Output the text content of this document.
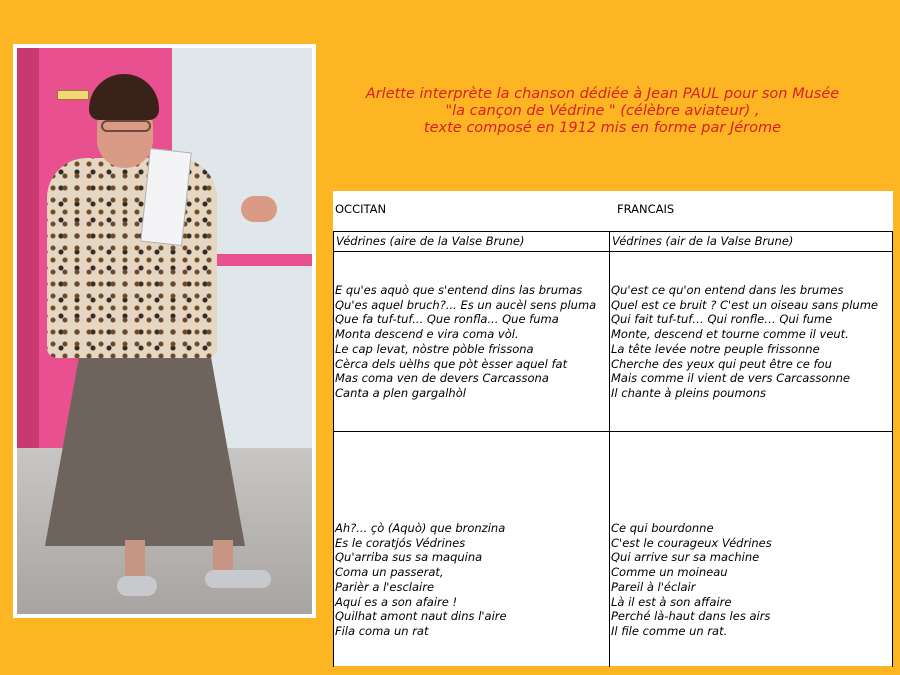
Arlette interprète la chanson dédiée à Jean PAUL pour son Musée
"la cançon de Védrine " (célèbre aviateur) ,
texte composé en 1912 mis en forme par Jérome
OCCITAN	FRANCAIS
Védrines (aire de la Valse Brune)	Védrines (air de la Valse Brune)
E qu'es aquò que s'entend dins las brumas
Qu'es aquel bruch?... Es un aucèl sens pluma
Que fa tuf-tuf... Que ronfla... Que fuma
Monta descend e vira coma vòl.
Le cap levat, nòstre pòble frissona
Cèrca dels uèlhs que pòt èsser aquel fat
Mas coma ven de devers Carcassona
Canta a plen gargalhòl
Qu'est ce qu'on entend dans les brumes
Quel est ce bruit ? C'est un oiseau sans plume
Qui fait tuf-tuf… Qui ronfle… Qui fume
Monte, descend et tourne comme il veut.
La tête levée notre peuple frissonne
Cherche des yeux qui peut être ce fou
Mais comme il vient de vers Carcassonne
Il chante à pleins poumons
Ah?... çò (Aquò) que bronzina
Es le coratjós Védrines
Qu'arriba sus sa maquina
Coma un passerat,
Parièr a l'esclaire
Aquí es a son afaire !
Quilhat amont naut dins l'aire
Fila coma un rat
Ce qui bourdonne
C'est le courageux Védrines
Qui arrive sur sa machine
Comme un moineau
Pareil à l'éclair
Là il est à son affaire
Perché là-haut dans les airs
Il file comme un rat.
